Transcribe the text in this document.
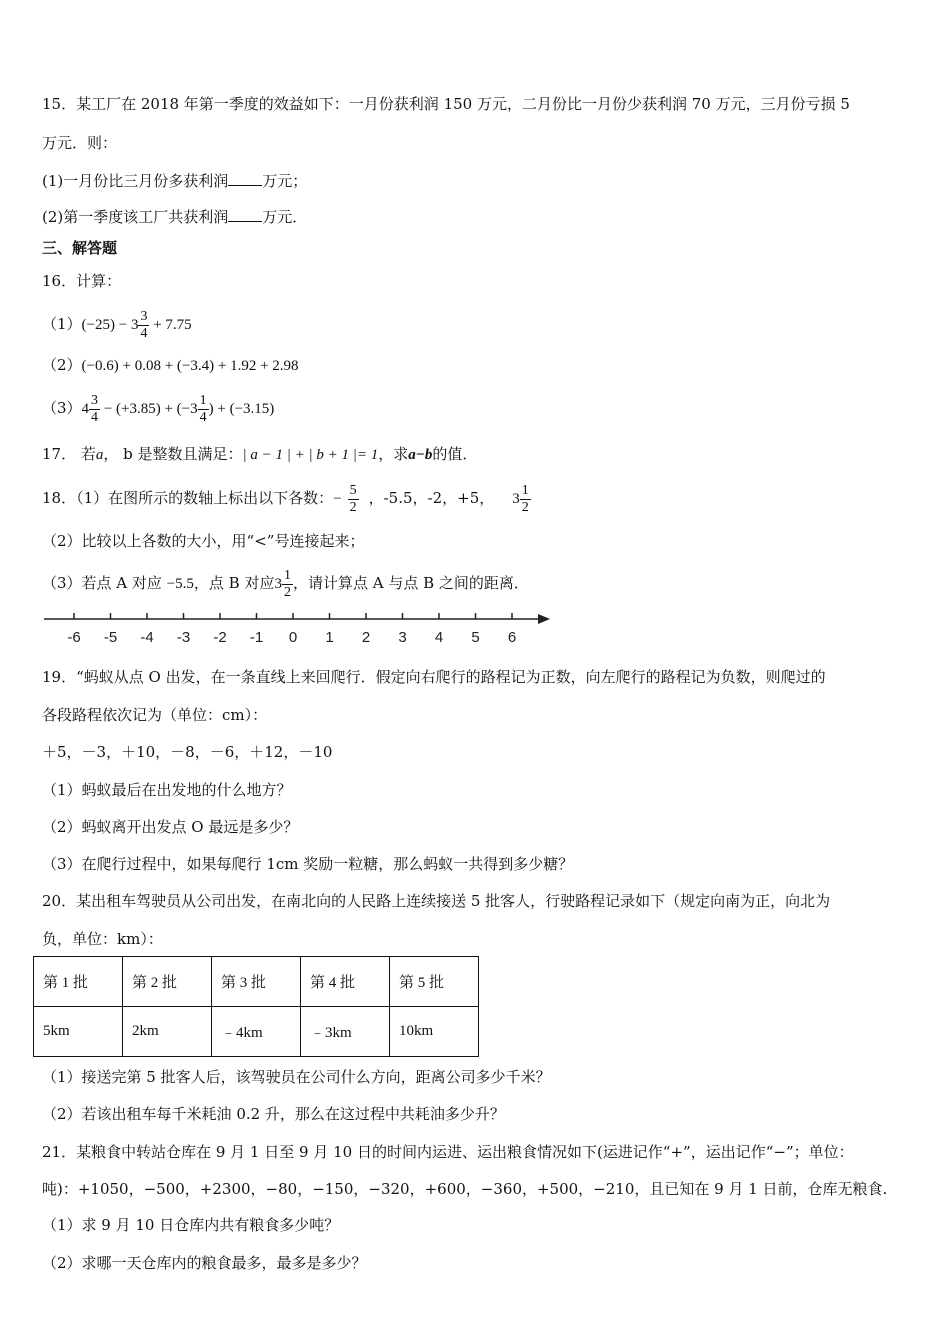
15．某工厂在 2018 年第一季度的效益如下：一月份获利润 150 万元，二月份比一月份少获利润 70 万元，三月份亏损 5
万元．则：
(1)一月份比三月份多获利润 万元；
(2)第一季度该工厂共获利润 万元．
三、解答题
16．计算：
$(1)(-25) - 3 \frac{3}{4} + 7.75$
（2）(−0.6) + 0.08 + (−3.4) + 1.92 + 2.98
$(3)4 \frac{3}{4} - (+3.85) + (-3 \frac{1}{4}$ ) + (−3.15)
17． 若a， b 是整数且满足：| a − 1 | + | b + 1 |= 1，求a−b的值．
18．（1）在图所示的数轴上标出以下各数：− $\frac{5}{2}$ ，-5.5，-2，+5， $3 \frac{1}{2}$
（2）比较以上各数的大小，用“<”号连接起来；
（3）若点 A 对应 −5.5，点 B 对应$3 \frac{1}{2}$ ，请计算点 A 与点 B 之间的距离．
-6 -5 -4 -3 -2 -1 0 1 2 3 4 5 6
19．“蚂蚁从点 O 出发，在一条直线上来回爬行．假定向右爬行的路程记为正数，向左爬行的路程记为负数，则爬过的
各段路程依次记为（单位：cm）：
＋5，－3，＋10，－8，－6，＋12，－10
（1）蚂蚁最后在出发地的什么地方？
（2）蚂蚁离开出发点 O 最远是多少？
（3）在爬行过程中，如果每爬行 1cm 奖励一粒糖，那么蚂蚁一共得到多少糖？
20．某出租车驾驶员从公司出发，在南北向的人民路上连续接送 5 批客人，行驶路程记录如下（规定向南为正，向北为
负，单位：km）：
第 1 批	第 2 批	第 3 批	第 4 批	第 5 批
5km	2km	﹣4km	﹣3km	10km
（1）接送完第 5 批客人后，该驾驶员在公司什么方向，距离公司多少千米？
（2）若该出租车每千米耗油 0.2 升，那么在这过程中共耗油多少升？
21．某粮食中转站仓库在 9 月 1 日至 9 月 10 日的时间内运进、运出粮食情况如下(运进记作“+”，运出记作“−”；单位：
吨)：+1050，−500，+2300，−80，−150，−320，+600，−360，+500，−210，且已知在 9 月 1 日前，仓库无粮食.
（1）求 9 月 10 日仓库内共有粮食多少吨？
（2）求哪一天仓库内的粮食最多，最多是多少？
